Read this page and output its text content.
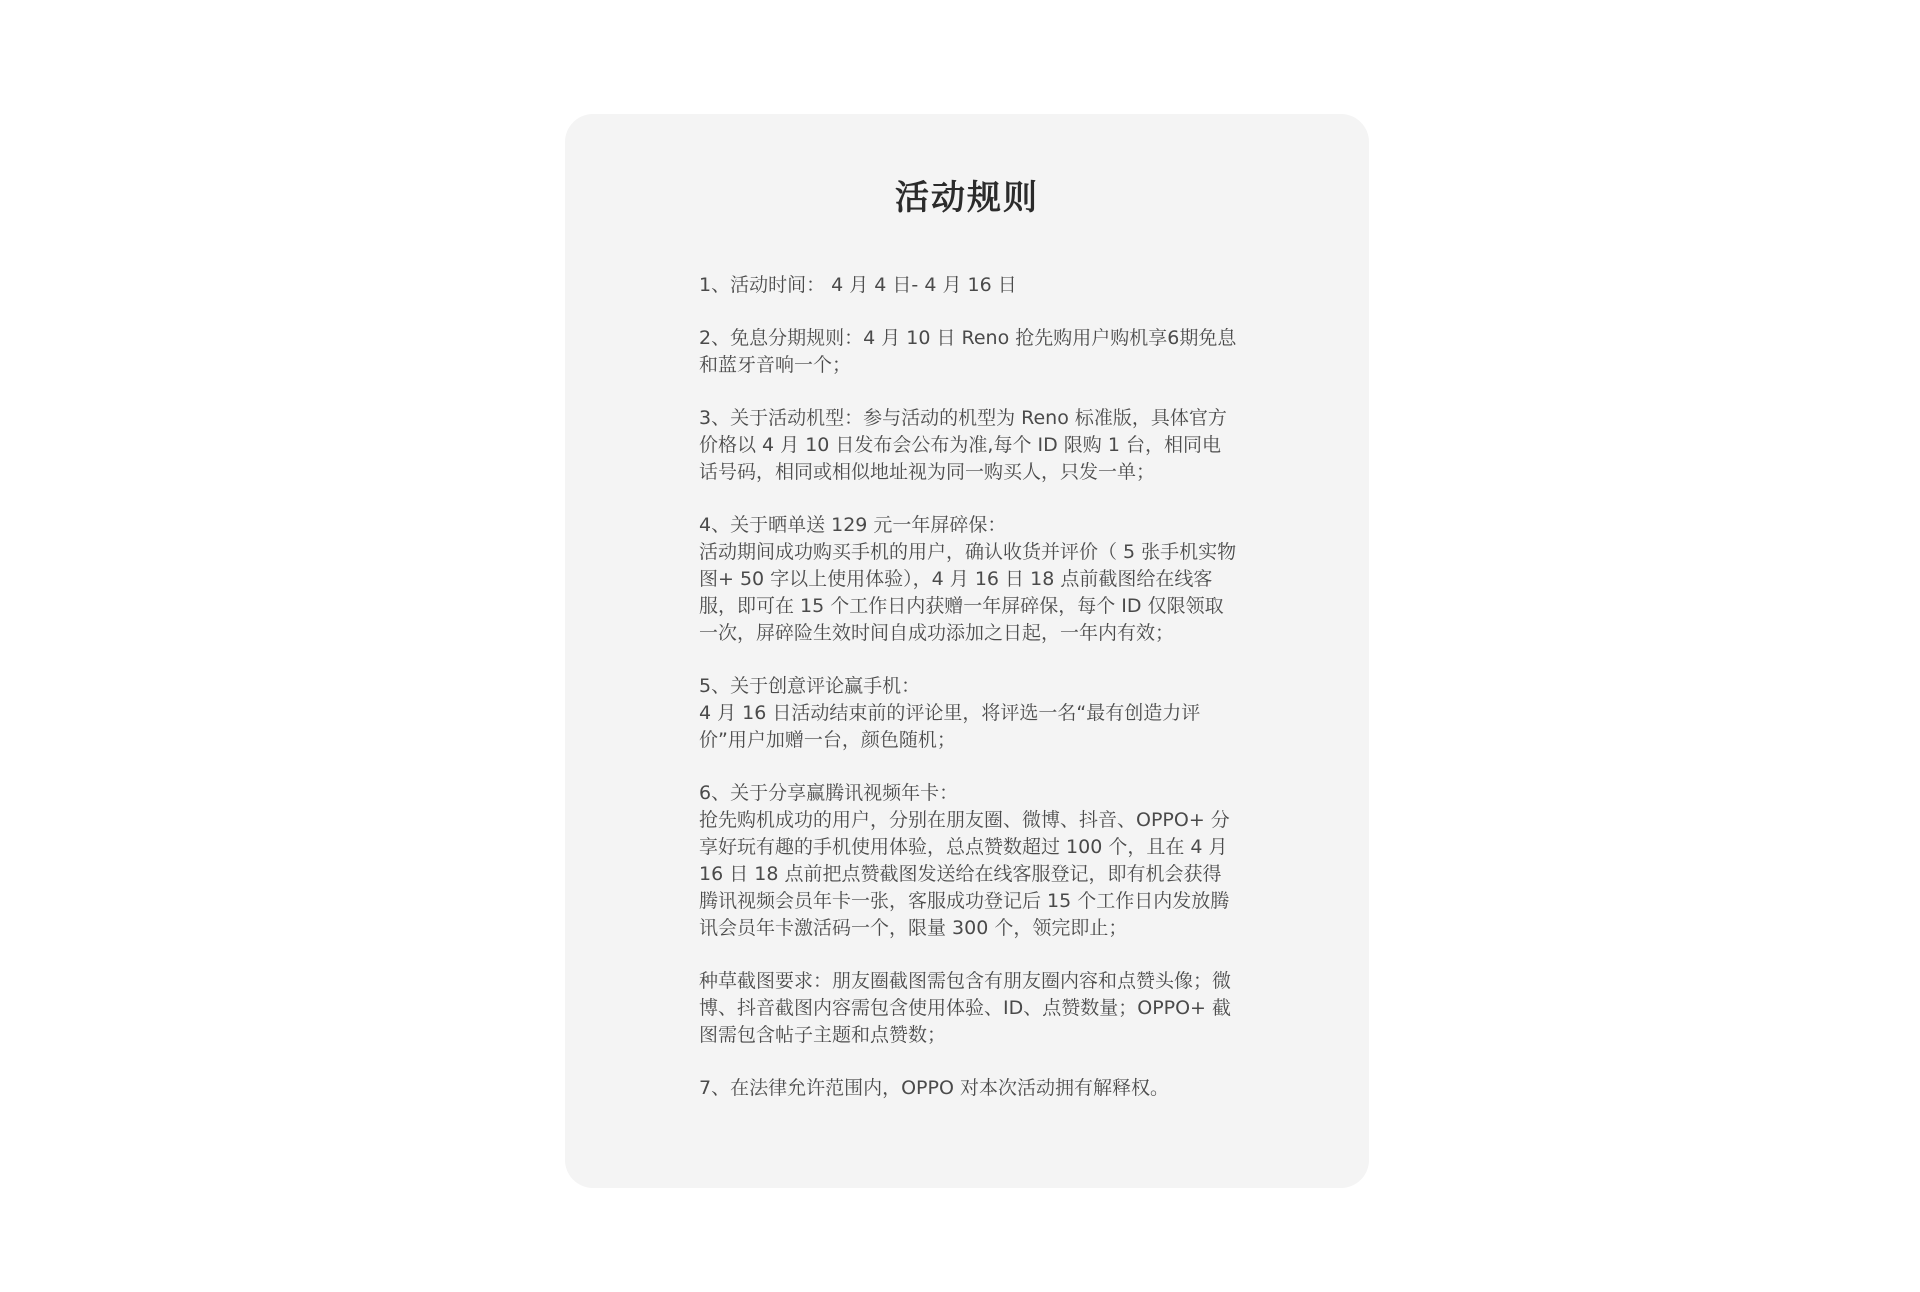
活动规则

1、活动时间： 4 月 4 日- 4 月 16 日

2、免息分期规则：4 月 10 日 Reno 抢先购用户购机享6期免息和蓝牙音响一个；

3、关于活动机型：参与活动的机型为 Reno 标准版，具体官方价格以 4 月 10 日发布会公布为准,每个 ID 限购 1 台，相同电话号码，相同或相似地址视为同一购买人，只发一单；

4、关于晒单送 129 元一年屏碎保：

活动期间成功购买手机的用户，确认收货并评价（ 5 张手机实物图+ 50 字以上使用体验），4 月 16 日 18 点前截图给在线客服，即可在 15 个工作日内获赠一年屏碎保，每个 ID 仅限领取一次，屏碎险生效时间自成功添加之日起，一年内有效；

5、关于创意评论赢手机：

4 月 16 日活动结束前的评论里，将评选一名“最有创造力评价”用户加赠一台，颜色随机；

6、关于分享赢腾讯视频年卡：

抢先购机成功的用户，分别在朋友圈、微博、抖音、OPPO+ 分享好玩有趣的手机使用体验，总点赞数超过 100 个，且在 4 月 16 日 18 点前把点赞截图发送给在线客服登记，即有机会获得腾讯视频会员年卡一张，客服成功登记后 15 个工作日内发放腾讯会员年卡激活码一个，限量 300 个，领完即止；

种草截图要求：朋友圈截图需包含有朋友圈内容和点赞头像；微博、抖音截图内容需包含使用体验、ID、点赞数量；OPPO+ 截图需包含帖子主题和点赞数；

7、在法律允许范围内，OPPO 对本次活动拥有解释权。
